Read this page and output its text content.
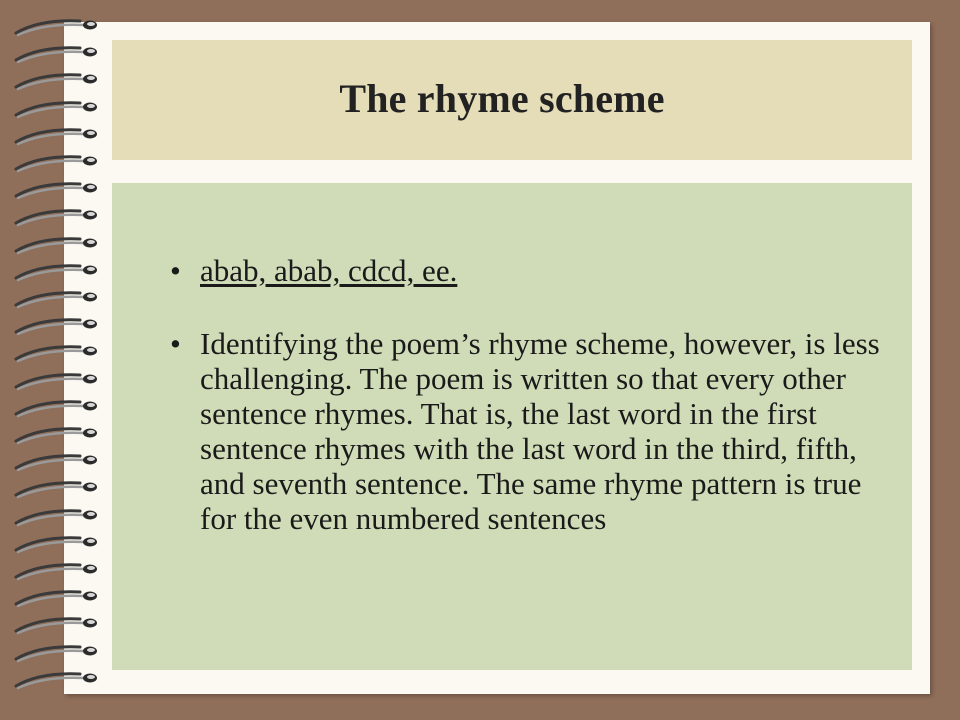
The rhyme scheme
• abab, abab, cdcd, ee.
• Identifying the poem’s rhyme scheme, however, is less challenging. The poem is written so that every other sentence rhymes. That is, the last word in the first sentence rhymes with the last word in the third, fifth, and seventh sentence. The same rhyme pattern is true for the even numbered sentences
